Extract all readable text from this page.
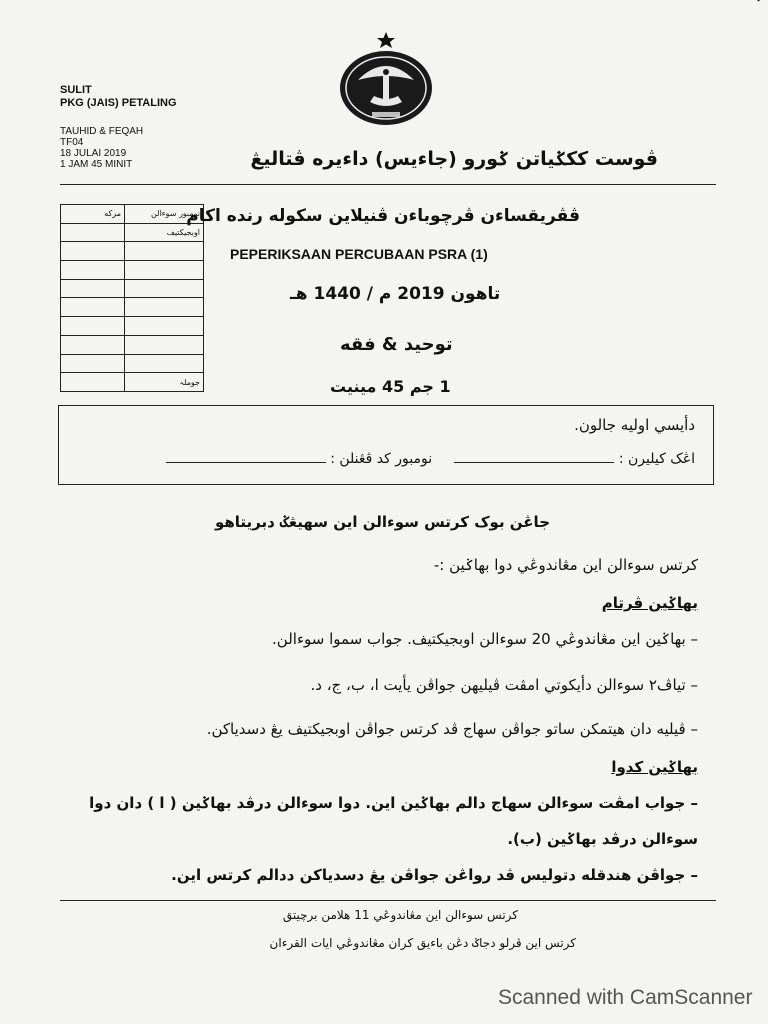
SULIT
PKG (JAIS) PETALING
TAUHID & FEQAH
TF04
18 JULAI 2019
1 JAM 45 MINIT	ڤوست ككݢياتن ݢورو (جاءيس) داءيره ڤتاليڠ
مرکه	نومبور سوءالن
	اوبجيکتيف

	جوملہ
ڤڤريقساءن ڤرچوباءن ڤنيلاين سکوله رنده اکام
PEPERIKSAAN PERCUBAAN PSRA (1)
تاهون 2019 م / 1440 هـ
توحيد & فقه
1 جم 45 مينيت
دأيسي اوليه جالون.
اڠک کيليرن :      نومبور کد ڤڠنلن :
جاڠن بوک کرتس سوءالن اين سهيڠݢ دبريتاهو
کرتس سوءالن اين مڠاندوڠي دوا بهاݢين :-
بهاݢين ڤرتام
– بهاݢين اين مڠاندوڠي 20 سوءالن اوبجيکتيف. جواب سموا سوءالن.
– تياڤ٢ سوءالن دأيکوتي امڤت ڤيليهن جواڤن يأيت ا، ب، ج، د.
– ڤيليه دان هيتمکن ساتو جواڤن سهاج ڤد کرتس جواڤن اوبجيکتيف يڠ دسدياکن.
بهاݢين کدوا
– جواب امڤت سوءالن سهاج دالم بهاݢين اين. دوا سوءالن درڤد بهاݢين ( ا ) دان دوا
سوءالن درڤد بهاݢين (ب).
– جواڤن هندقله دتوليس ڤد رواڠن جواڤن يڠ دسدياکن ددالم کرتس اين.
کرتس سوءالن اين مڠاندوڠي 11 هلامن برچيتق
کرتس اين ڤرلو دجاݢ دڠن باءيق کران مڠاندوڠي ايات القرءان
Scanned with CamScanner
